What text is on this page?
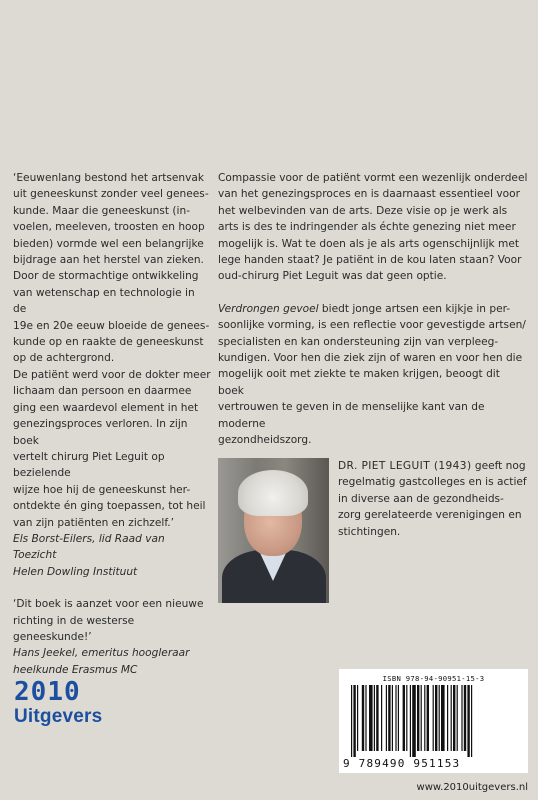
‘Eeuwenlang bestond het artsenvak

uit geneeskunst zonder veel genees-

kunde. Maar die geneeskunst (in-

voelen, meeleven, troosten en hoop

bieden) vormde wel een belangrijke

bijdrage aan het herstel van zieken.

Door de stormachtige ontwikkeling

van wetenschap en technologie in de

19e en 20e eeuw bloeide de genees-

kunde op en raakte de geneeskunst

op de achtergrond.

De patiënt werd voor de dokter meer

lichaam dan persoon en daarmee

ging een waardevol element in het

genezingsproces verloren. In zijn boek

vertelt chirurg Piet Leguit op bezielende

wijze hoe hij de geneeskunst her-

ontdekte én ging toepassen, tot heil

van zijn patiënten en zichzelf.’

Els Borst-Eilers, lid Raad van Toezicht

Helen Dowling Instituut

‘Dit boek is aanzet voor een nieuwe

richting in de westerse geneeskunde!’

Hans Jeekel, emeritus hoogleraar

heelkunde Erasmus MC

Compassie voor de patiënt vormt een wezenlijk onderdeel
van het genezingsproces en is daarnaast essentieel voor
het welbevinden van de arts. Deze visie op je werk als
arts is des te indringender als échte genezing niet meer
mogelijk is. Wat te doen als je als arts ogenschijnlijk met
lege handen staat? Je patiënt in de kou laten staan? Voor
oud-chirurg Piet Leguit was dat geen optie.

Verdrongen gevoel biedt jonge artsen een kijkje in per-
soonlijke vorming, is een reflectie voor gevestigde artsen/
specialisten en kan ondersteuning zijn van verpleeg-
kundigen. Voor hen die ziek zijn of waren en voor hen die
mogelijk ooit met ziekte te maken krijgen, beoogt dit boek
vertrouwen te geven in de menselijke kant van de moderne
gezondheidszorg.

DR. PIET LEGUIT (1943) geeft nog
regelmatig gastcolleges en is actief
in diverse aan de gezondheids-
zorg gerelateerde verenigingen en
stichtingen.
2 0 1 0
Uitgevers
ISBN 978-94-90951-15-3
9 789490 951153
www.2010uitgevers.nl
